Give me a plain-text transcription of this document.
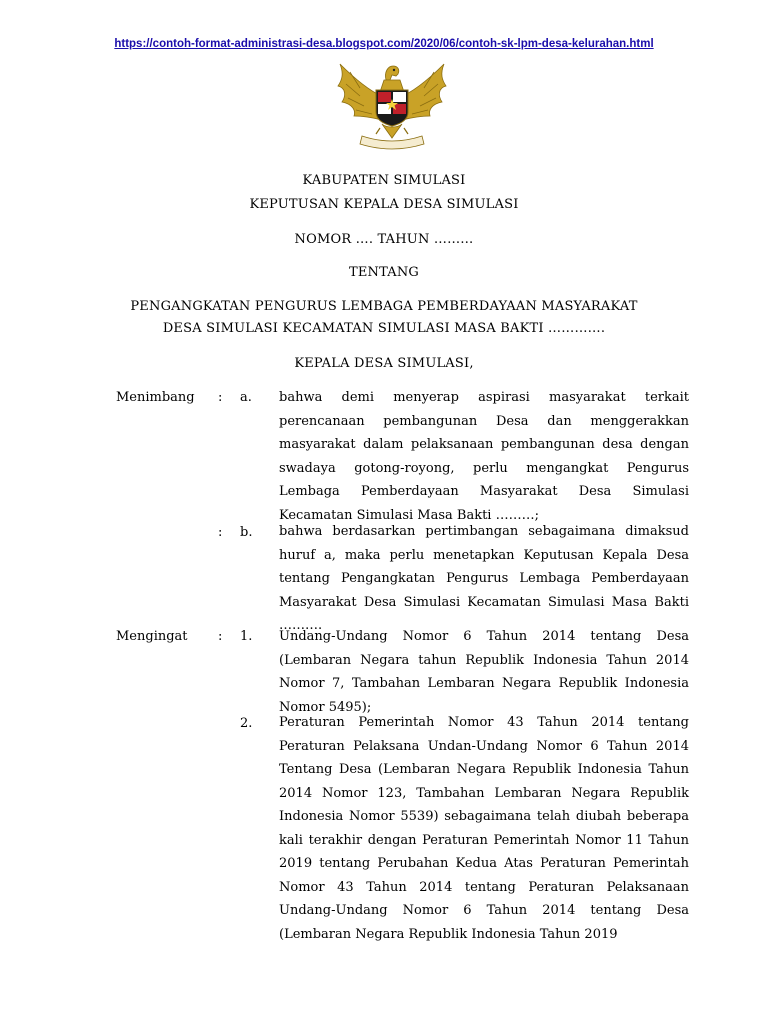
https://contoh-format-administrasi-desa.blogspot.com/2020/06/contoh-sk-lpm-desa-kelurahan.html
KABUPATEN SIMULASI
KEPUTUSAN KEPALA DESA SIMULASI
NOMOR …. TAHUN ………
TENTANG
PENGANGKATAN PENGURUS LEMBAGA PEMBERDAYAAN MASYARAKAT
DESA SIMULASI KECAMATAN SIMULASI MASA BAKTI ………….
KEPALA DESA SIMULASI,
Menimbang : a. bahwa demi menyerap aspirasi masyarakat terkait perencanaan pembangunan Desa dan menggerakkan masyarakat dalam pelaksanaan pembangunan desa dengan swadaya gotong-royong, perlu mengangkat Pengurus Lembaga Pemberdayaan Masyarakat Desa Simulasi Kecamatan Simulasi Masa Bakti ………;
: b. bahwa berdasarkan pertimbangan sebagaimana dimaksud huruf a, maka perlu menetapkan Keputusan Kepala Desa tentang Pengangkatan Pengurus Lembaga Pemberdayaan Masyarakat Desa Simulasi Kecamatan Simulasi Masa Bakti ……….
Mengingat : 1. Undang-Undang Nomor 6 Tahun 2014 tentang Desa (Lembaran Negara tahun Republik Indonesia Tahun 2014 Nomor 7, Tambahan Lembaran Negara Republik Indonesia Nomor 5495);
2. Peraturan Pemerintah Nomor 43 Tahun 2014 tentang Peraturan Pelaksana Undan-Undang Nomor 6 Tahun 2014 Tentang Desa (Lembaran Negara Republik Indonesia Tahun 2014 Nomor 123, Tambahan Lembaran Negara Republik Indonesia Nomor 5539) sebagaimana telah diubah beberapa kali terakhir dengan Peraturan Pemerintah Nomor 11 Tahun 2019 tentang Perubahan Kedua Atas Peraturan Pemerintah Nomor 43 Tahun 2014 tentang Peraturan Pelaksanaan Undang-Undang Nomor 6 Tahun 2014 tentang Desa (Lembaran Negara Republik Indonesia Tahun 2019
